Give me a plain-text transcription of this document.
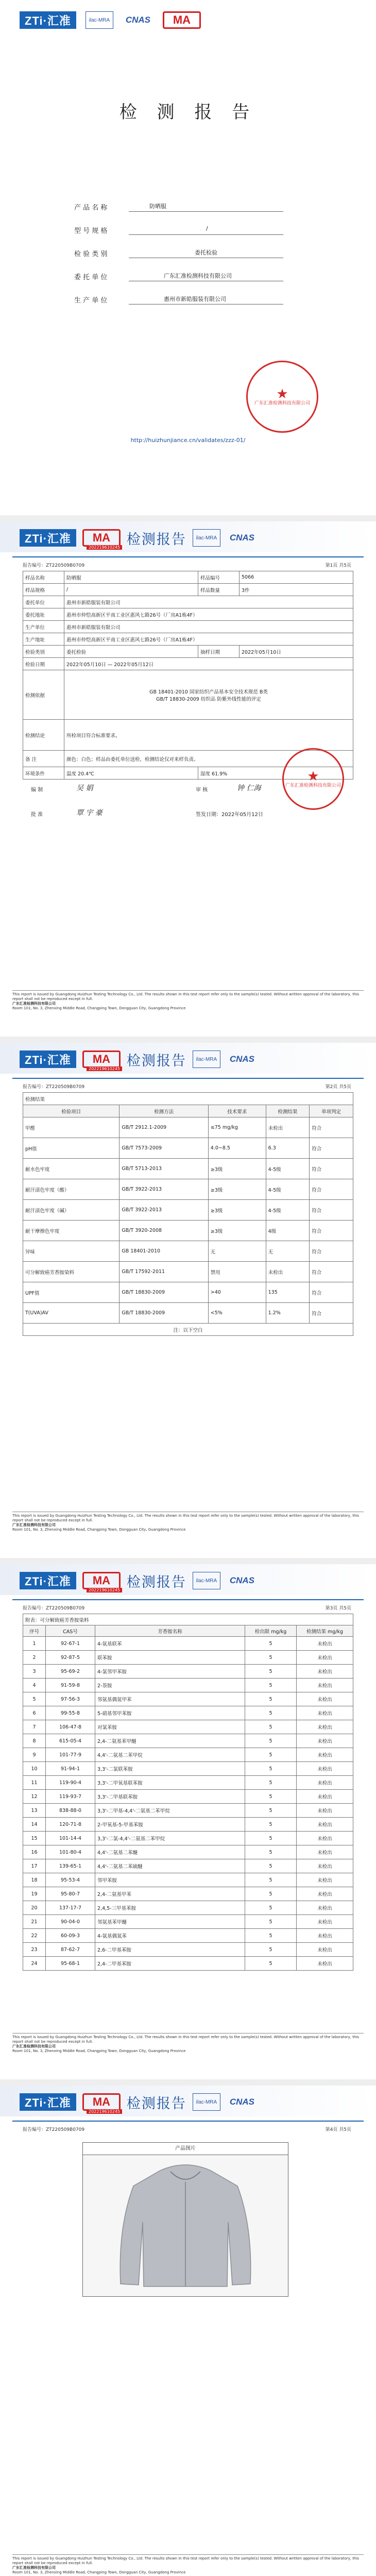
ZTi·汇准	ilac-MRA	CNAS	MA
检 测 报 告
产 品 名 称	防晒服
型 号 规 格	/
检 验 类 别	委托检验
委 托 单 位	广东汇准检测科技有限公司
生 产 单 位	惠州市新皓服装有限公司
★
广东汇准检测科技有限公司
http://huizhunjiance.cn/validates/zzz-01/
ZTi·汇准	MA	检测报告	ilac-MRA	CNAS
202219610245
报告编号：ZT220509B0709	第1页 共5页
样品名称	防晒服	样品编号	5066
样品规格	/	样品数量	3件
委托单位	惠州市新皓服装有限公司		
委托地址	惠州市仲恺高新区平南工业区惠风七路26号（厂房A1栋4F）		
生产单位	惠州市新皓服装有限公司		
生产地址	惠州市仲恺高新区平南工业区惠风七路26号（厂房A1栋4F）		
检验类别	委托检验	抽样日期	2022年05月10日
检验日期	2022年05月10日 — 2022年05月12日		
检测依据	GB 18401-2010 国家纺织产品基本安全技术规范 B类
GB/T 18830-2009 纺织品 防紫外线性能的评定		
检测结论	所检项目符合标准要求。		
备 注	颜色：白色；样品由委托单位送检，检测结论仅对来样负责。		
环境条件	温度 20.4℃	湿度 61.9%	
编 制	吴 娟	审 核	钟 仁海
批 准	覃 宇 豪	签发日期：2022年05月12日
★
广东汇准检测科技有限公司
This report is issued by Guangdong Huizhun Testing Technology Co., Ltd. The results shown in this test report refer only to the sample(s) tested. Without written approval of the laboratory, this report shall not be reproduced except in full.
广东汇准检测科技有限公司
Room 101, No. 3, Zhenxing Middle Road, Changping Town, Dongguan City, Guangdong Province
ZTi·汇准	MA	检测报告	ilac-MRA	CNAS
202219610245
报告编号：ZT220509B0709	第2页 共5页
检测结果				
检验项目	检测方法	技术要求	检测结果	单项判定
甲醛	GB/T 2912.1-2009	≤75 mg/kg	未检出	符合
pH值	GB/T 7573-2009	4.0~8.5	6.3	符合
耐水色牢度	GB/T 5713-2013	≥3级	4-5级	符合
耐汗渍色牢度（酸）	GB/T 3922-2013	≥3级	4-5级	符合
耐汗渍色牢度（碱）	GB/T 3922-2013	≥3级	4-5级	符合
耐干摩擦色牢度	GB/T 3920-2008	≥3级	4级	符合
异味	GB 18401-2010	无	无	符合
可分解致癌芳香胺染料	GB/T 17592-2011	禁用	未检出	符合
UPF值	GB/T 18830-2009	>40	135	符合
T(UVA)AV	GB/T 18830-2009	<5%	1.2%	符合
注：以下空白				
This report is issued by Guangdong Huizhun Testing Technology Co., Ltd. The results shown in this test report refer only to the sample(s) tested. Without written approval of the laboratory, this report shall not be reproduced except in full.
广东汇准检测科技有限公司
Room 101, No. 3, Zhenxing Middle Road, Changping Town, Dongguan City, Guangdong Province
ZTi·汇准	MA	检测报告	ilac-MRA	CNAS
202219610245
报告编号：ZT220509B0709	第3页 共5页
附表：可分解致癌芳香胺染料				
序号	CAS号	芳香胺名称	检出限 mg/kg	检测结果 mg/kg
1	92-67-1	4-氨基联苯	5	未检出
2	92-87-5	联苯胺	5	未检出
3	95-69-2	4-氯邻甲苯胺	5	未检出
4	91-59-8	2-萘胺	5	未检出
5	97-56-3	邻氨基偶氮甲苯	5	未检出
6	99-55-8	5-硝基邻甲苯胺	5	未检出
7	106-47-8	对氯苯胺	5	未检出
8	615-05-4	2,4-二氨基苯甲醚	5	未检出
9	101-77-9	4,4'-二氨基二苯甲烷	5	未检出
10	91-94-1	3,3'-二氯联苯胺	5	未检出
11	119-90-4	3,3'-二甲氧基联苯胺	5	未检出
12	119-93-7	3,3'-二甲基联苯胺	5	未检出
13	838-88-0	3,3'-二甲基-4,4'-二氨基二苯甲烷	5	未检出
14	120-71-8	2-甲氧基-5-甲基苯胺	5	未检出
15	101-14-4	3,3'-二氯-4,4'-二氨基二苯甲烷	5	未检出
16	101-80-4	4,4'-二氨基二苯醚	5	未检出
17	139-65-1	4,4'-二氨基二苯硫醚	5	未检出
18	95-53-4	邻甲苯胺	5	未检出
19	95-80-7	2,4-二氨基甲苯	5	未检出
20	137-17-7	2,4,5-三甲基苯胺	5	未检出
21	90-04-0	邻氨基苯甲醚	5	未检出
22	60-09-3	4-氨基偶氮苯	5	未检出
23	87-62-7	2,6-二甲基苯胺	5	未检出
24	95-68-1	2,4-二甲基苯胺	5	未检出
This report is issued by Guangdong Huizhun Testing Technology Co., Ltd. The results shown in this test report refer only to the sample(s) tested. Without written approval of the laboratory, this report shall not be reproduced except in full.
广东汇准检测科技有限公司
Room 101, No. 3, Zhenxing Middle Road, Changping Town, Dongguan City, Guangdong Province
ZTi·汇准	MA	检测报告	ilac-MRA	CNAS
202219610245
报告编号：ZT220509B0709	第4页 共5页
产品图片
This report is issued by Guangdong Huizhun Testing Technology Co., Ltd. The results shown in this test report refer only to the sample(s) tested. Without written approval of the laboratory, this report shall not be reproduced except in full.
广东汇准检测科技有限公司
Room 101, No. 3, Zhenxing Middle Road, Changping Town, Dongguan City, Guangdong Province
